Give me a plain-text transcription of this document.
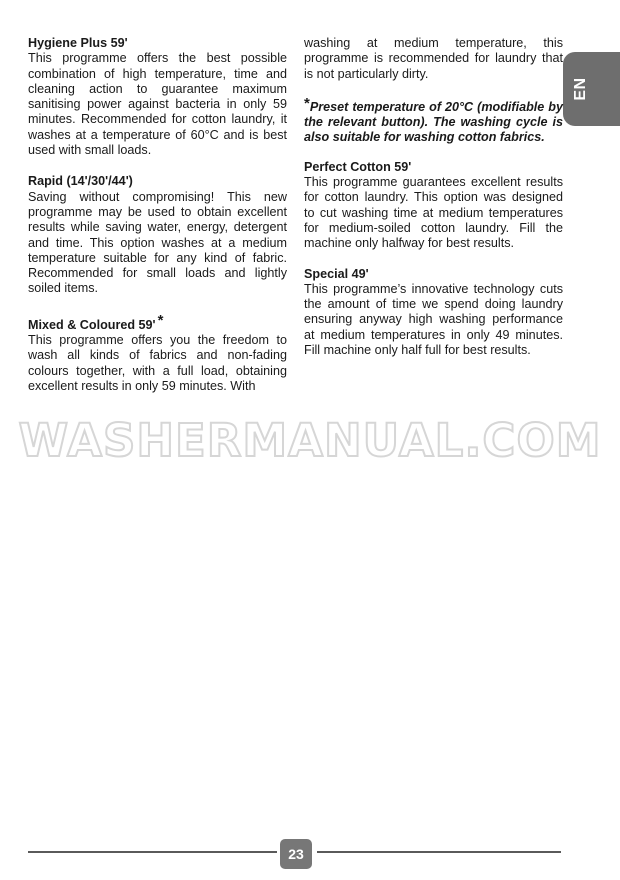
EN

Hygiene Plus 59'

This programme offers the best possible combination of high temperature, time and cleaning action to guarantee maximum sanitising power against bacteria in only 59 minutes. Recommended for cotton laundry, it washes at a temperature of 60°C and is best used with small loads.

Rapid (14'/30'/44')

Saving without compromising! This new programme may be used to obtain excellent results while saving water, energy, detergent and time. This option washes at a medium temperature suitable for any kind of fabric. Recommended for small loads and lightly soiled items.

Mixed & Coloured 59' *

This programme offers you the freedom to wash all kinds of fabrics and non-fading colours together, with a full load, obtaining excellent results in only 59 minutes. With

washing at medium temperature, this programme is recommended for laundry that is not particularly dirty.

*Preset temperature of 20°C (modifiable by the relevant button). The washing cycle is also suitable for washing cotton fabrics.

Perfect Cotton 59'

This programme guarantees excellent results for cotton laundry. This option was designed to cut washing time at medium temperatures for medium-soiled cotton laundry. Fill the machine only halfway for best results.

Special 49'

This programme’s innovative technology cuts the amount of time we spend doing laundry ensuring anyway high washing performance at medium temperatures in only 49 minutes. Fill machine only half full for best results.

WASHERMANUAL.COM
23
